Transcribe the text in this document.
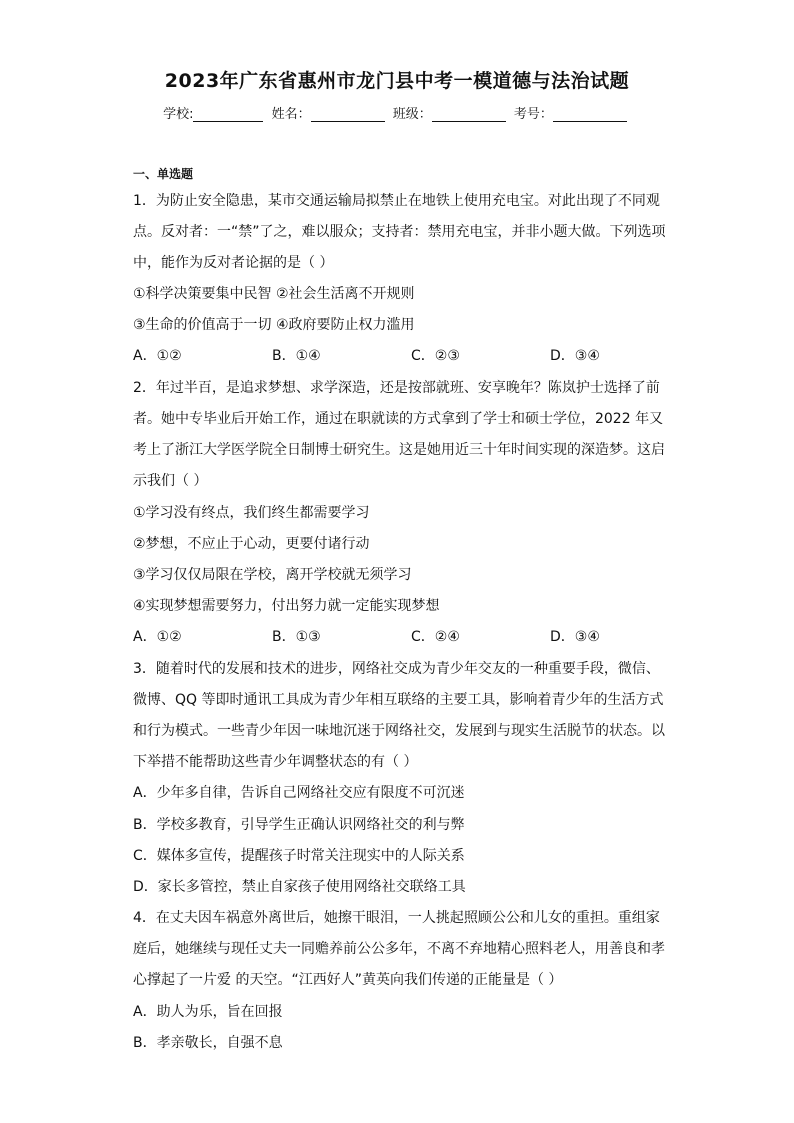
2023年广东省惠州市龙门县中考一模道德与法治试题
学校:	姓名：	班级：	考号：
一、单选题
1．为防止安全隐患，某市交通运输局拟禁止在地铁上使用充电宝。对此出现了不同观
点。反对者：一“禁”了之，难以服众；支持者：禁用充电宝，并非小题大做。下列选项
中，能作为反对者论据的是（ ）
①科学决策要集中民智 ②社会生活离不开规则
③生命的价值高于一切 ④政府要防止权力滥用
A．①②	B．①④	C．②③	D．③④
2．年过半百，是追求梦想、求学深造，还是按部就班、安享晚年？陈岚护士选择了前
者。她中专毕业后开始工作，通过在职就读的方式拿到了学士和硕士学位，2022 年又
考上了浙江大学医学院全日制博士研究生。这是她用近三十年时间实现的深造梦。这启
示我们（ ）
①学习没有终点，我们终生都需要学习
②梦想，不应止于心动，更要付诸行动
③学习仅仅局限在学校，离开学校就无须学习
④实现梦想需要努力，付出努力就一定能实现梦想
A．①②	B．①③	C．②④	D．③④
3．随着时代的发展和技术的进步，网络社交成为青少年交友的一种重要手段，微信、
微博、QQ 等即时通讯工具成为青少年相互联络的主要工具，影响着青少年的生活方式
和行为模式。一些青少年因一味地沉迷于网络社交，发展到与现实生活脱节的状态。以
下举措不能帮助这些青少年调整状态的有（ ）
A．少年多自律，告诉自己网络社交应有限度不可沉迷
B．学校多教育，引导学生正确认识网络社交的利与弊
C．媒体多宣传，提醒孩子时常关注现实中的人际关系
D．家长多管控，禁止自家孩子使用网络社交联络工具
4．在丈夫因车祸意外离世后，她擦干眼泪，一人挑起照顾公公和儿女的重担。重组家
庭后，她继续与现任丈夫一同赡养前公公多年，不离不弃地精心照料老人，用善良和孝
心撑起了一片爱 的天空。“江西好人”黄英向我们传递的正能量是（ ）
A．助人为乐，旨在回报
B．孝亲敬长，自强不息
